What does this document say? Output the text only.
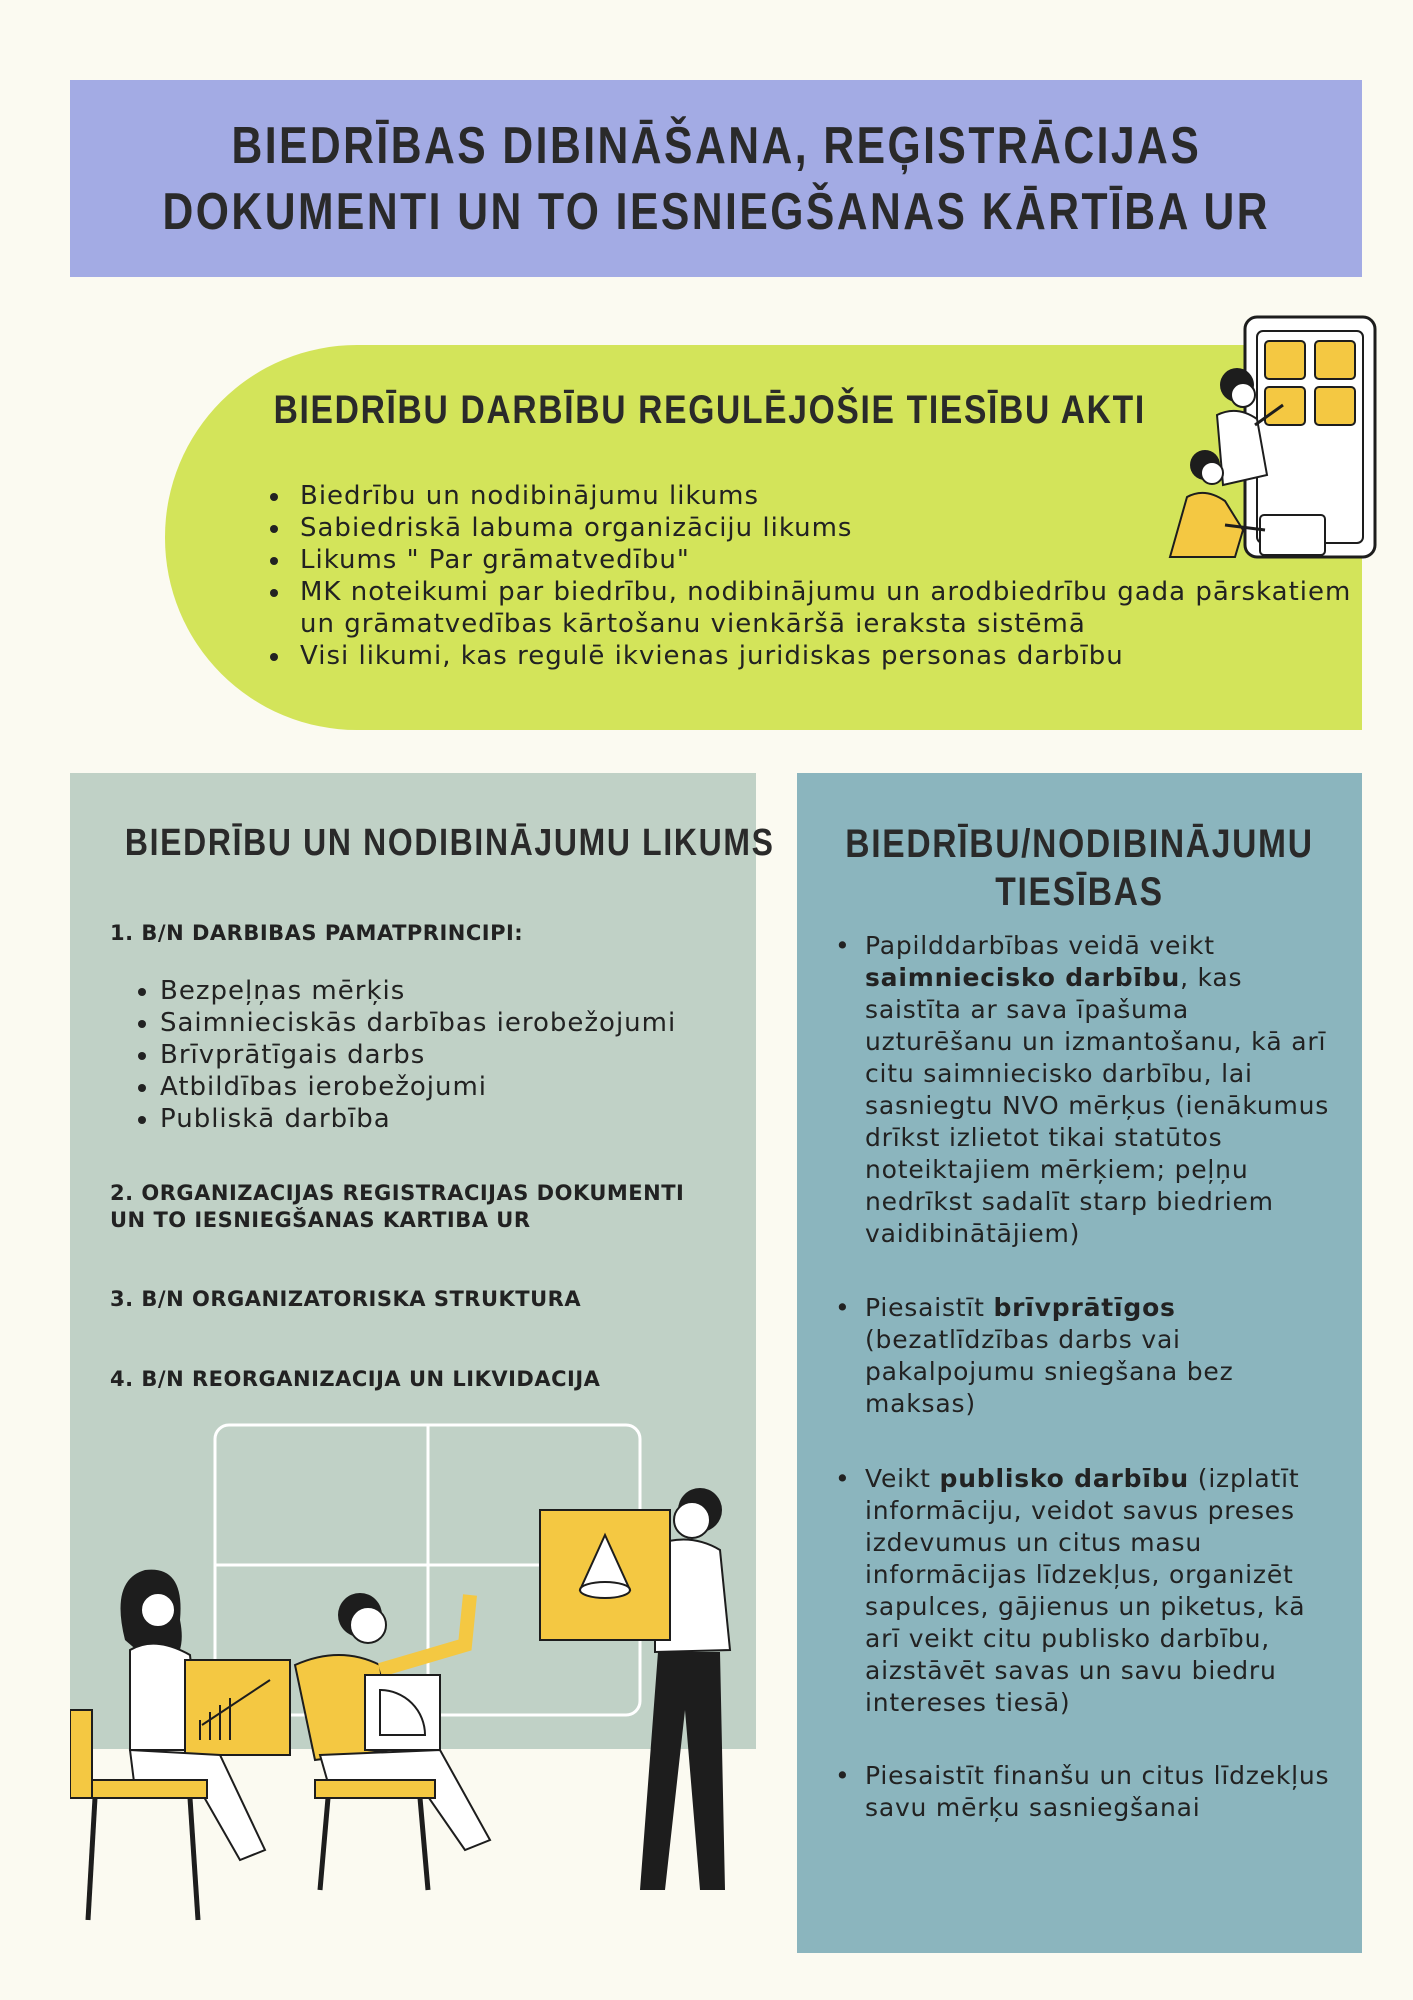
BIEDRĪBAS DIBINĀŠANA, REĢISTRĀCIJAS
DOKUMENTI UN TO IESNIEGŠANAS KĀRTĪBA UR
BIEDRĪBU DARBĪBU REGULĒJOŠIE TIESĪBU AKTI
• Biedrību un nodibinājumu likums
• Sabiedriskā labuma organizāciju likums
• Likums " Par grāmatvedību"
• MK noteikumi par biedrību, nodibinājumu un arodbiedrību gada pārskatiem un grāmatvedības kārtošanu vienkāršā ieraksta sistēmā
• Visi likumi, kas regulē ikvienas juridiskas personas darbību
BIEDRĪBU UN NODIBINĀJUMU LIKUMS
1. B/N DARBIBAS PAMATPRINCIPI:
• Bezpeļņas mērķis
• Saimnieciskās darbības ierobežojumi
• Brīvprātīgais darbs
• Atbildības ierobežojumi
• Publiskā darbība
2. ORGANIZACIJAS REGISTRACIJAS DOKUMENTI UN TO IESNIEGŠANAS KARTIBA UR
3. B/N ORGANIZATORISKA STRUKTURA
4. B/N REORGANIZACIJA UN LIKVIDACIJA
BIEDRĪBU/NODIBINĀJUMU
TIESĪBAS
• Papilddarbības veidā veikt saimniecisko darbību, kas saistīta ar sava īpašuma uzturēšanu un izmantošanu, kā arī citu saimniecisko darbību, lai sasniegtu NVO mērķus (ienākumus drīkst izlietot tikai statūtos noteiktajiem mērķiem; peļņu nedrīkst sadalīt starp biedriem vaidibinātājiem)
• Piesaistīt brīvprātīgos (bezatlīdzības darbs vai pakalpojumu sniegšana bez maksas)
• Veikt publisko darbību (izplatīt informāciju, veidot savus preses izdevumus un citus masu informācijas līdzekļus, organizēt sapulces, gājienus un piketus, kā arī veikt citu publisko darbību, aizstāvēt savas un savu biedru intereses tiesā)
• Piesaistīt finanšu un citus līdzekļus savu mērķu sasniegšanai
